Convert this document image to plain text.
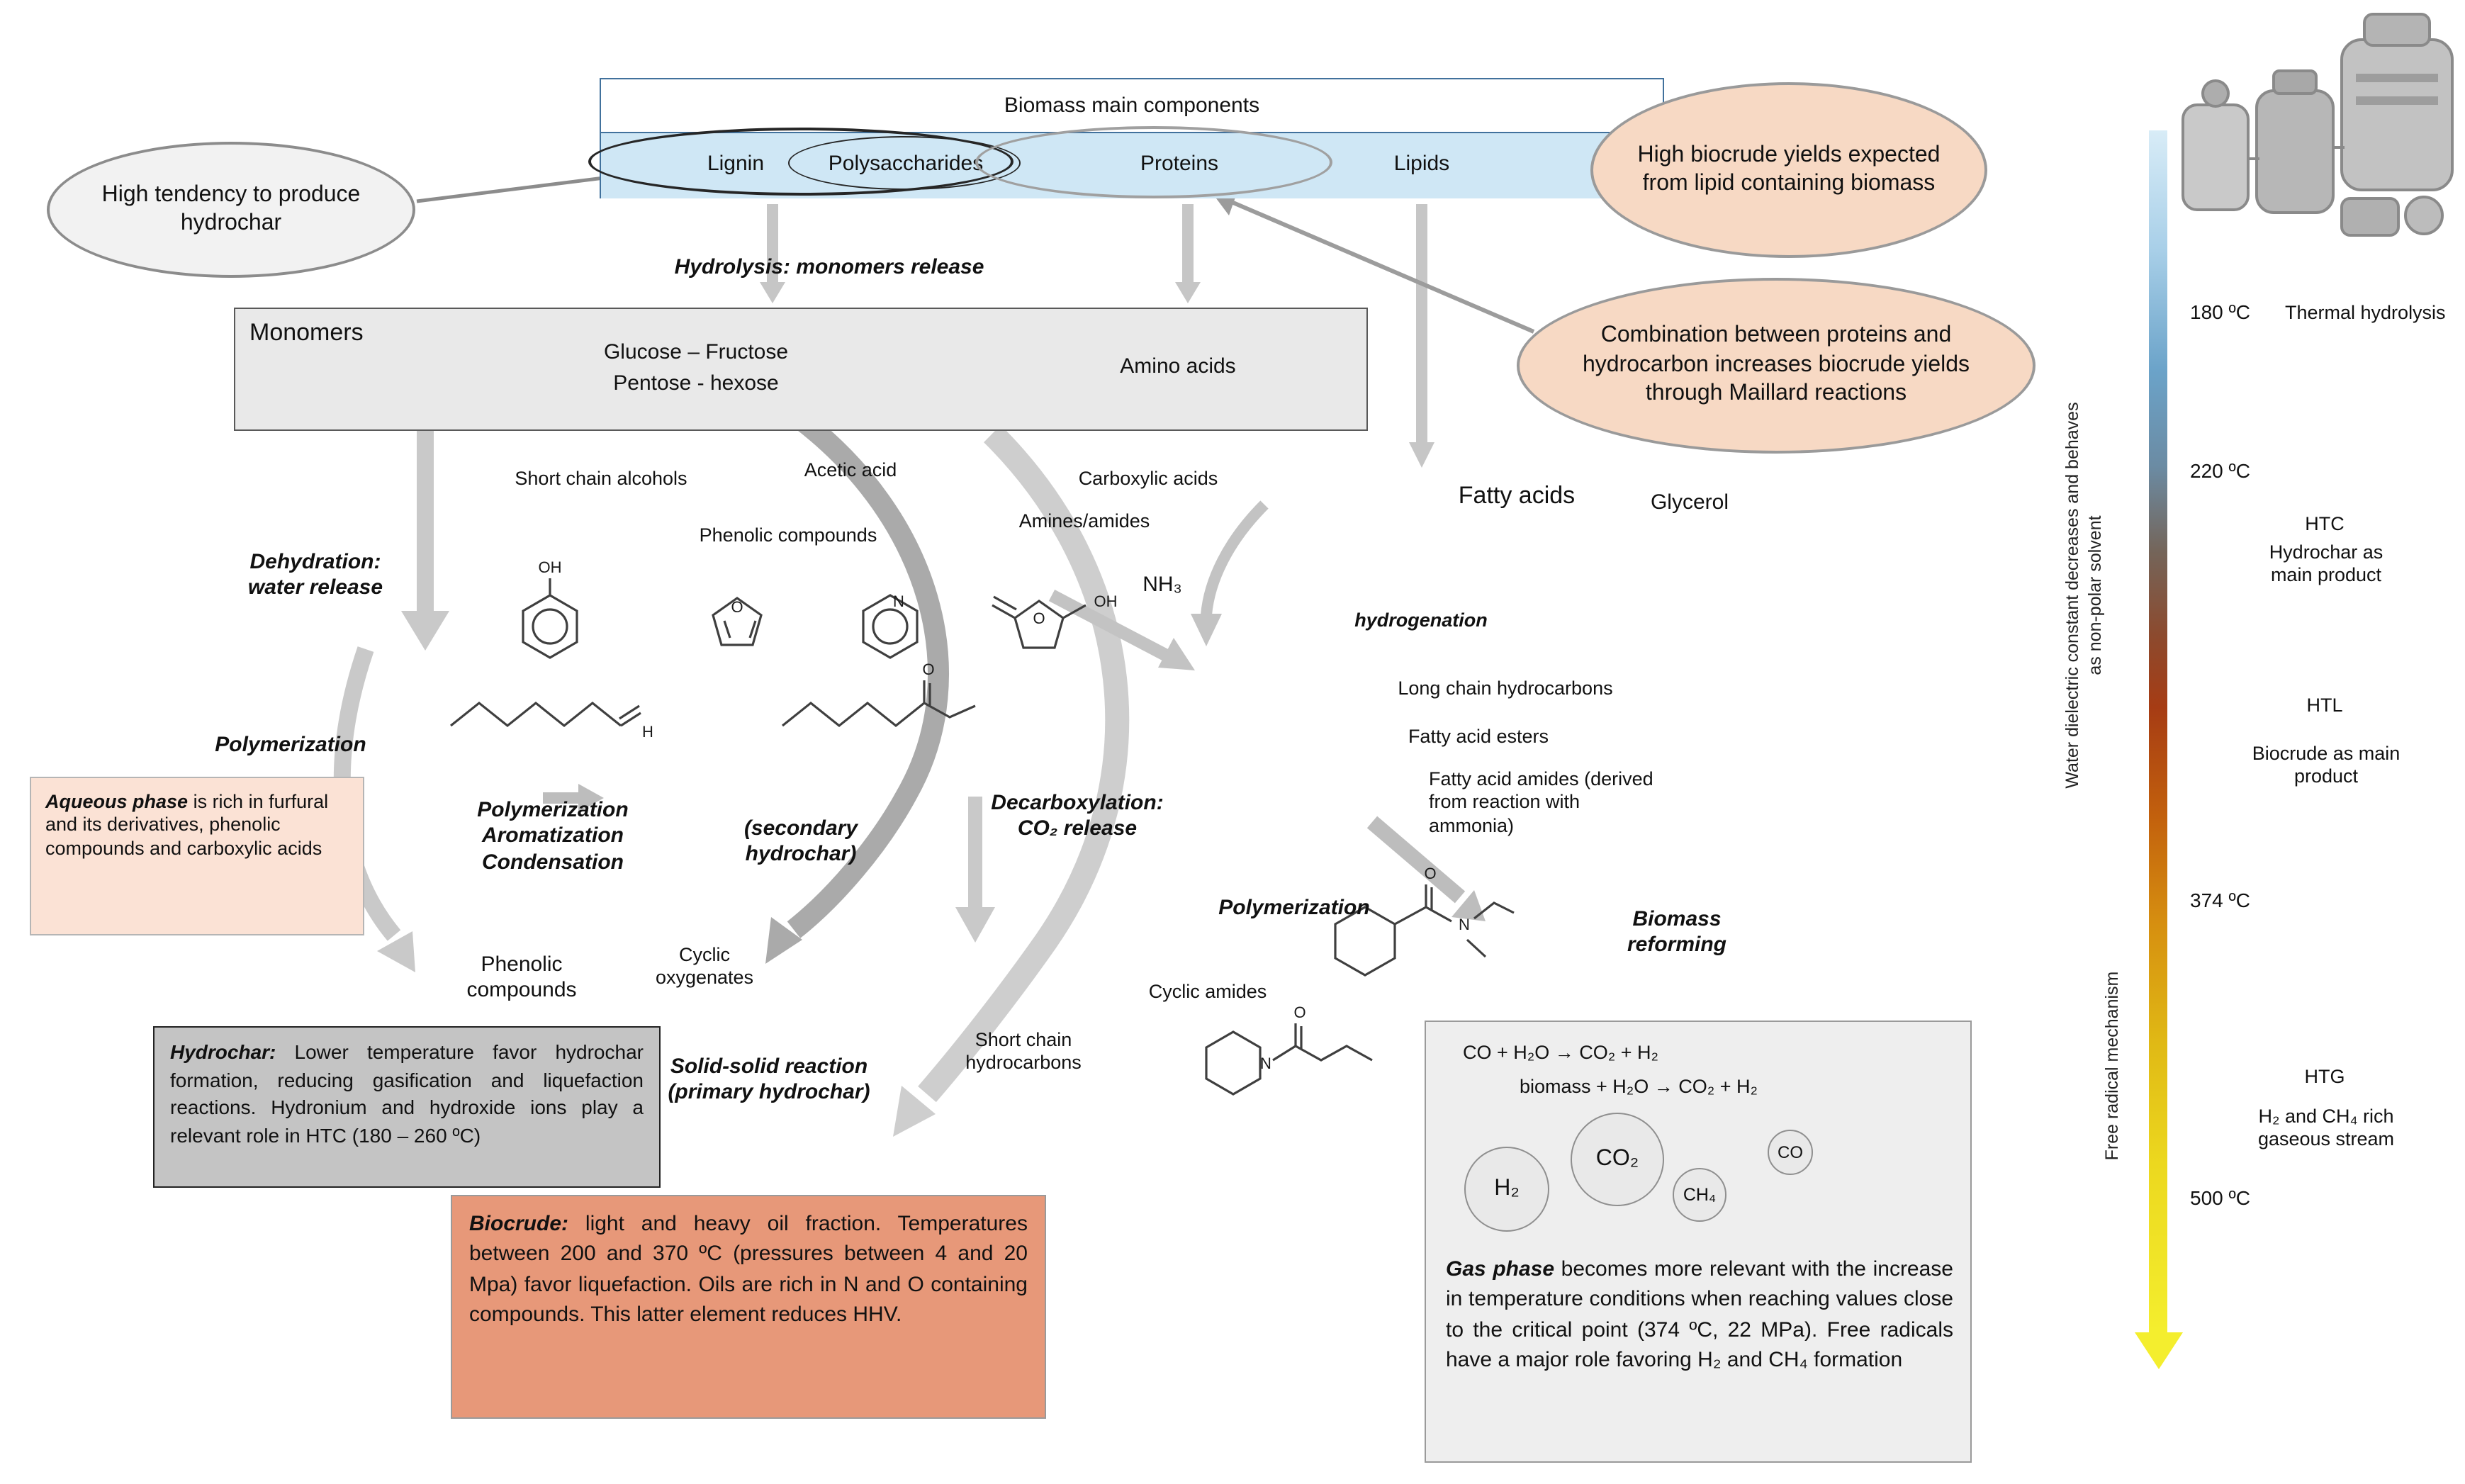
OH
O	N
O
OH
H
O
O
N
N
O
Biomass main components
Lignin	Polysaccharides	Proteins	Lipids
High tendency to produce hydrochar
High biocrude yields expected from lipid containing biomass
Combination between proteins and hydrocarbon increases biocrude yields through Maillard reactions
Hydrolysis: monomers release
Monomers
Glucose – Fructose
Pentose - hexose
Amino acids
Short chain alcohols	Acetic acid	Carboxylic acids
Amines/amides
Phenolic compounds
NH₃
Fatty acids	Glycerol
Dehydration: water release
hydrogenation
Long chain hydrocarbons
Fatty acid esters
Fatty acid amides (derived from reaction with ammonia)
Polymerization
Polymerization Aromatization Condensation
(secondary hydrochar)
Decarboxylation: CO₂ release
Aqueous phase is rich in furfural and its derivatives, phenolic compounds and carboxylic acids
Phenolic compounds
Cyclic oxygenates
Polymerization	Biomass reforming
Hydrochar: Lower temperature favor hydrochar formation, reducing gasification and liquefaction reactions. Hydronium and hydroxide ions play a relevant role in HTC (180 – 260 ºC)
Solid-solid reaction (primary hydrochar)
Short chain hydrocarbons
Cyclic amides
Biocrude: light and heavy oil fraction. Temperatures between 200 and 370 ºC (pressures between 4 and 20 Mpa) favor liquefaction. Oils are rich in N and O containing compounds. This latter element reduces HHV.
CO + H₂O → CO₂ + H₂
biomass + H₂O → CO₂ + H₂
H₂
CO₂
CH₄
CO
Gas phase becomes more relevant with the increase in temperature conditions when reaching values close to the critical point (374 ºC, 22 MPa). Free radicals have a major role favoring H₂ and CH₄ formation
180 ºC	Thermal hydrolysis
220 ºC
HTC
Hydrochar as main product
HTL
Biocrude as main product
374 ºC
HTG
H₂ and CH₄ rich gaseous stream
500 ºC
Water dielectric constant decreases and behaves as non-polar solvent
Free radical mechanism
